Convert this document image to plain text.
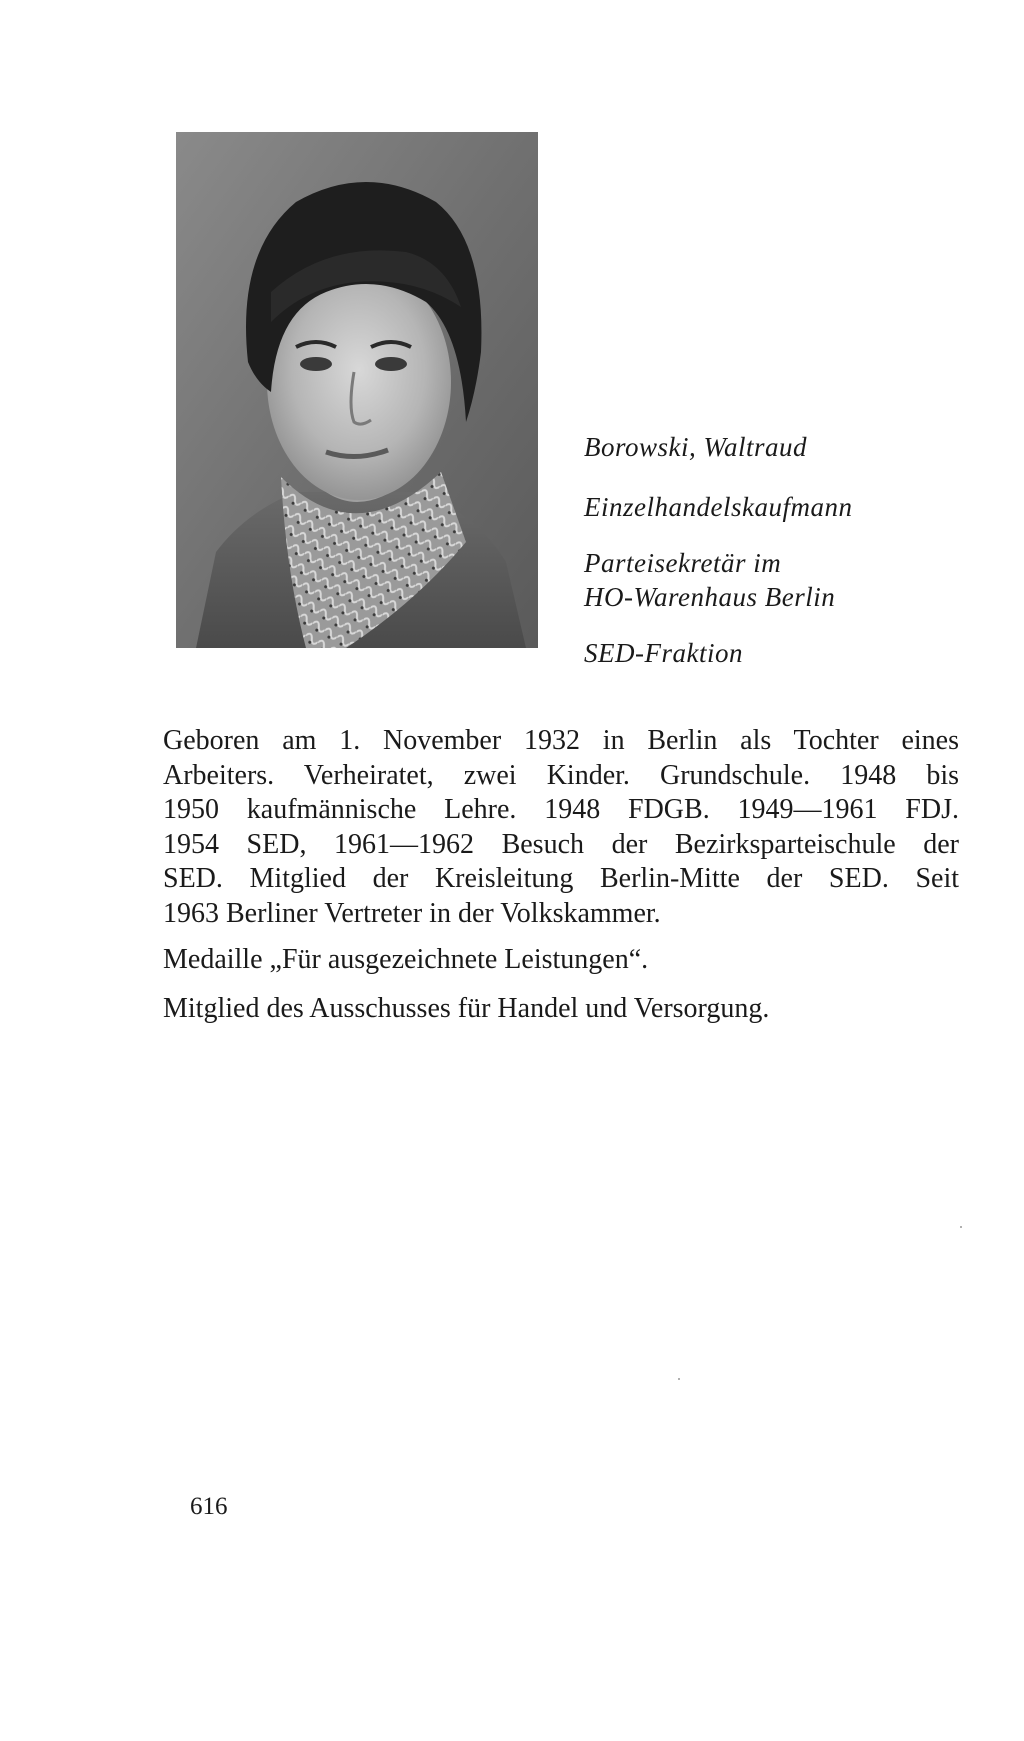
Borowski, Waltraud
Einzelhandelskaufmann
Parteisekretär im
HO-Warenhaus Berlin
SED-Fraktion

Geboren am 1. November 1932 in Berlin als Tochter eines
Arbeiters. Verheiratet, zwei Kinder. Grundschule. 1948 bis
1950 kaufmännische Lehre. 1948 FDGB. 1949—1961 FDJ.
1954 SED, 1961—1962 Besuch der Bezirksparteischule der
SED. Mitglied der Kreisleitung Berlin-Mitte der SED. Seit
1963 Berliner Vertreter in der Volkskammer.

Medaille „Für ausgezeichnete Leistungen“.

Mitglied des Ausschusses für Handel und Versorgung.

616
